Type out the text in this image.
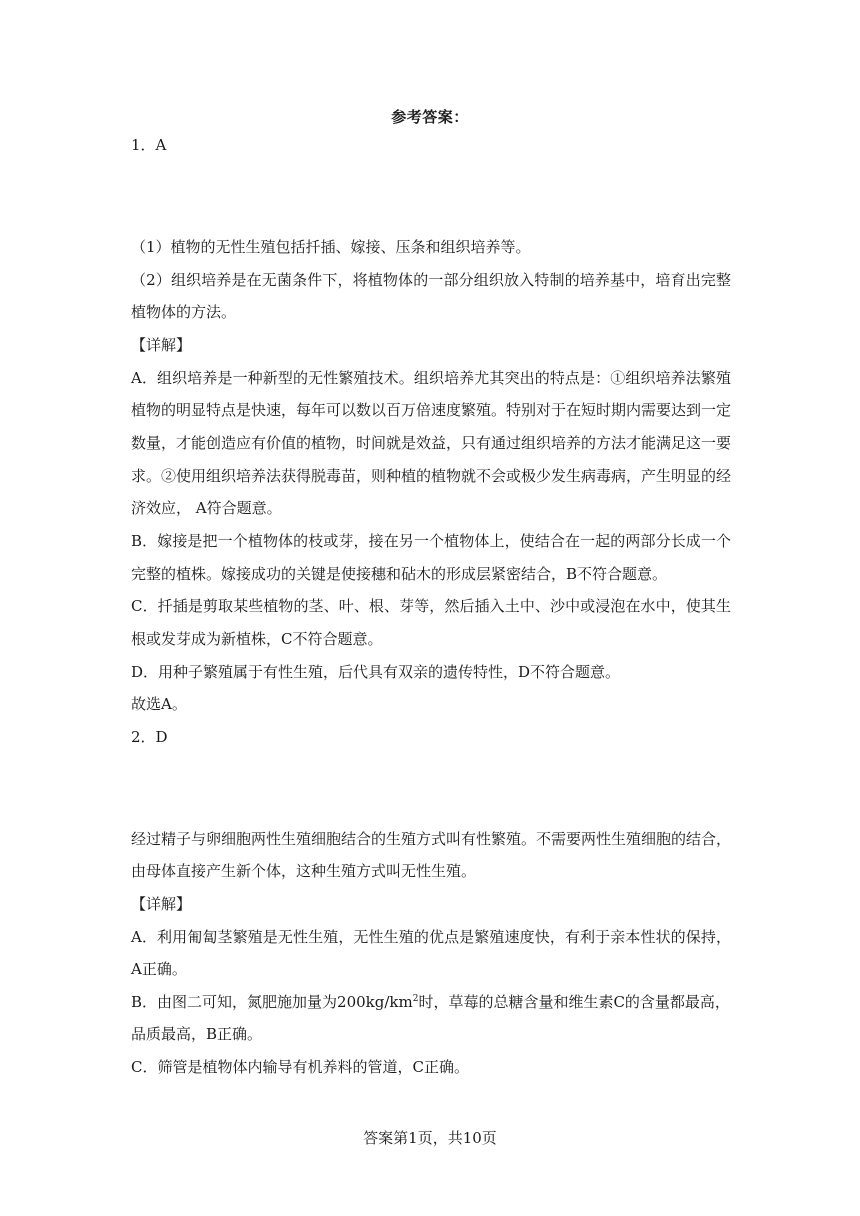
参考答案：
1．A
（1）植物的无性生殖包括扦插、嫁接、压条和组织培养等。
（2）组织培养是在无菌条件下，将植物体的一部分组织放入特制的培养基中，培育出完整
植物体的方法。
【详解】
A．组织培养是一种新型的无性繁殖技术。组织培养尤其突出的特点是：①组织培养法繁殖
植物的明显特点是快速，每年可以数以百万倍速度繁殖。特别对于在短时期内需要达到一定
数量，才能创造应有价值的植物，时间就是效益，只有通过组织培养的方法才能满足这一要
求。②使用组织培养法获得脱毒苗，则种植的植物就不会或极少发生病毒病，产生明显的经
济效应， A符合题意。
B．嫁接是把一个植物体的枝或芽，接在另一个植物体上，使结合在一起的两部分长成一个
完整的植株。嫁接成功的关键是使接穗和砧木的形成层紧密结合，B不符合题意。
C．扦插是剪取某些植物的茎、叶、根、芽等，然后插入土中、沙中或浸泡在水中，使其生
根或发芽成为新植株，C不符合题意。
D．用种子繁殖属于有性生殖，后代具有双亲的遗传特性，D不符合题意。
故选A。
2．D
经过精子与卵细胞两性生殖细胞结合的生殖方式叫有性繁殖。不需要两性生殖细胞的结合，
由母体直接产生新个体，这种生殖方式叫无性生殖。
【详解】
A．利用匍匐茎繁殖是无性生殖，无性生殖的优点是繁殖速度快，有利于亲本性状的保持，
A正确。
B．由图二可知，氮肥施加量为$200kg/km^2$时，草莓的总糖含量和维生素C的含量都最高，
品质最高，B正确。
C．筛管是植物体内输导有机养料的管道，C正确。
答案第1页，共10页
